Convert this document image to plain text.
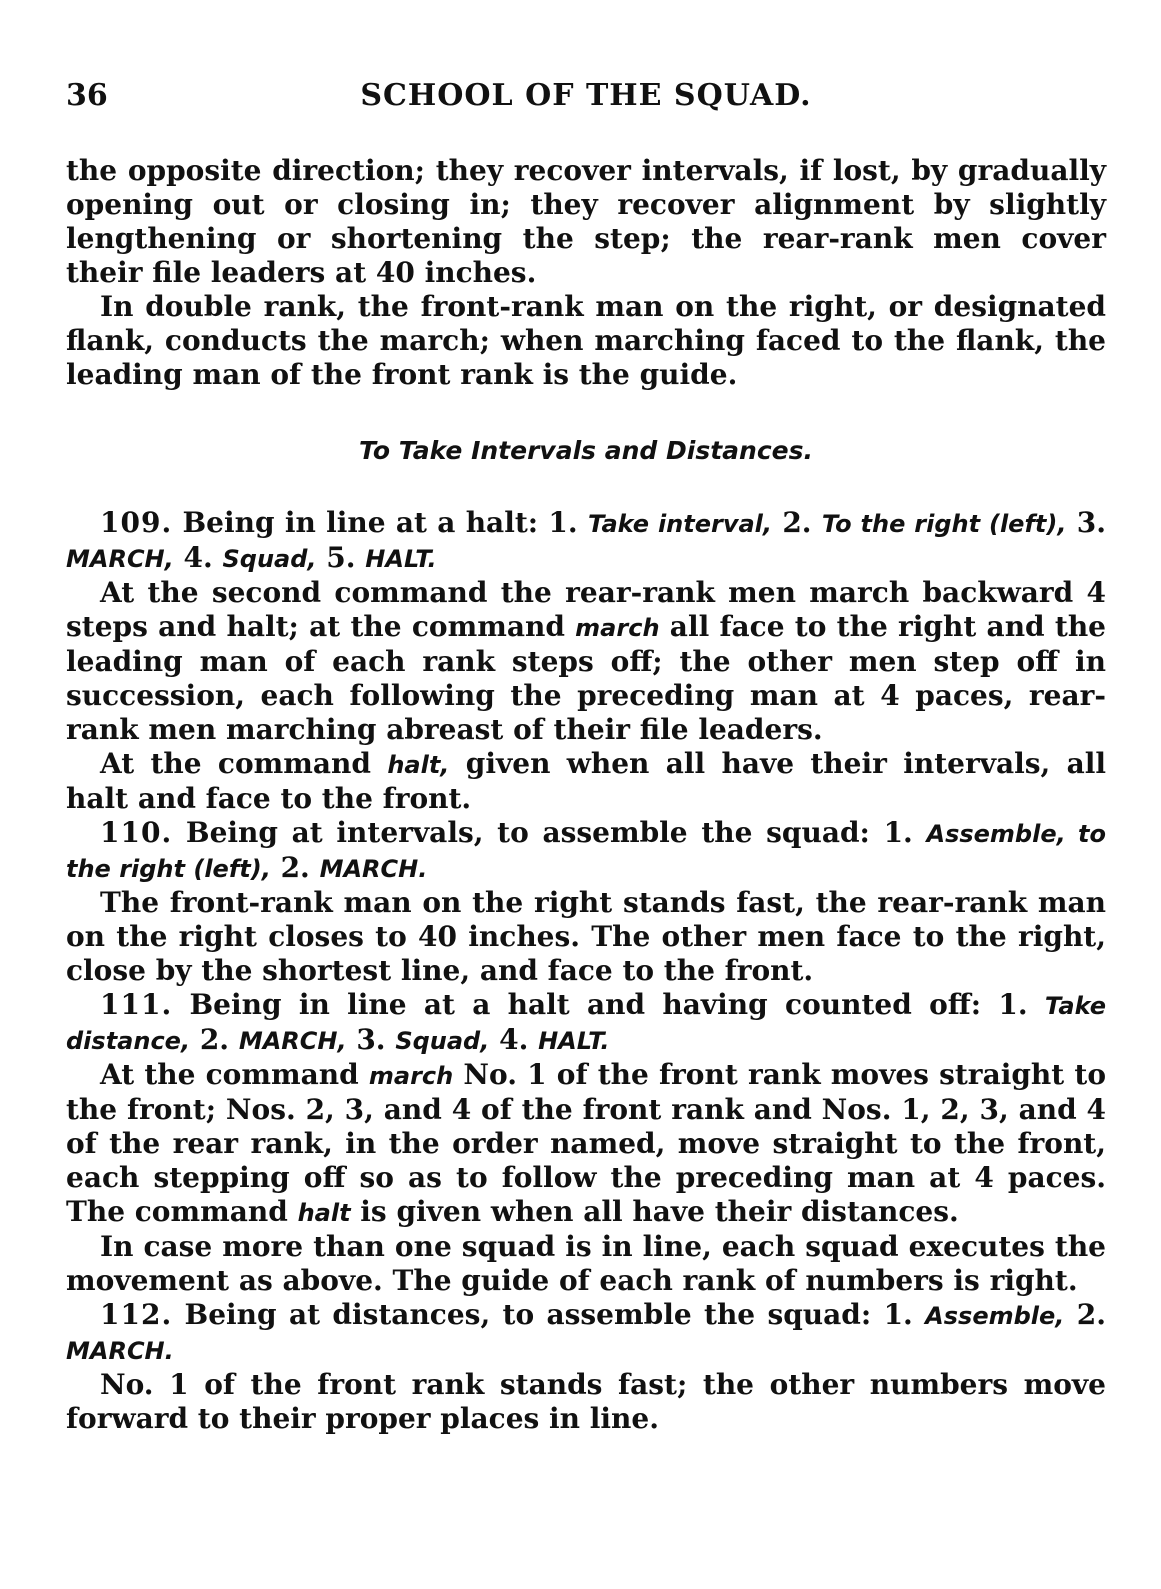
36	SCHOOL OF THE SQUAD.

the opposite direction; they recover intervals, if lost, by gradually opening out or closing in; they recover alignment by slightly lengthening or shortening the step; the rear-rank men cover their file leaders at 40 inches.

In double rank, the front-rank man on the right, or designated flank, conducts the march; when marching faced to the flank, the leading man of the front rank is the guide.

To Take Intervals and Distances.

109. Being in line at a halt: 1. Take interval, 2. To the right (left), 3. MARCH, 4. Squad, 5. HALT.

At the second command the rear-rank men march backward 4 steps and halt; at the command march all face to the right and the leading man of each rank steps off; the other men step off in succession, each following the preceding man at 4 paces, rear-rank men marching abreast of their file leaders.

At the command halt, given when all have their intervals, all halt and face to the front.

110. Being at intervals, to assemble the squad: 1. Assemble, to the right (left), 2. MARCH.

The front-rank man on the right stands fast, the rear-rank man on the right closes to 40 inches. The other men face to the right, close by the shortest line, and face to the front.

111. Being in line at a halt and having counted off: 1. Take distance, 2. MARCH, 3. Squad, 4. HALT.

At the command march No. 1 of the front rank moves straight to the front; Nos. 2, 3, and 4 of the front rank and Nos. 1, 2, 3, and 4 of the rear rank, in the order named, move straight to the front, each stepping off so as to follow the preceding man at 4 paces. The command halt is given when all have their distances.

In case more than one squad is in line, each squad executes the movement as above. The guide of each rank of numbers is right.

112. Being at distances, to assemble the squad: 1. Assemble, 2. MARCH.

No. 1 of the front rank stands fast; the other numbers move forward to their proper places in line.
